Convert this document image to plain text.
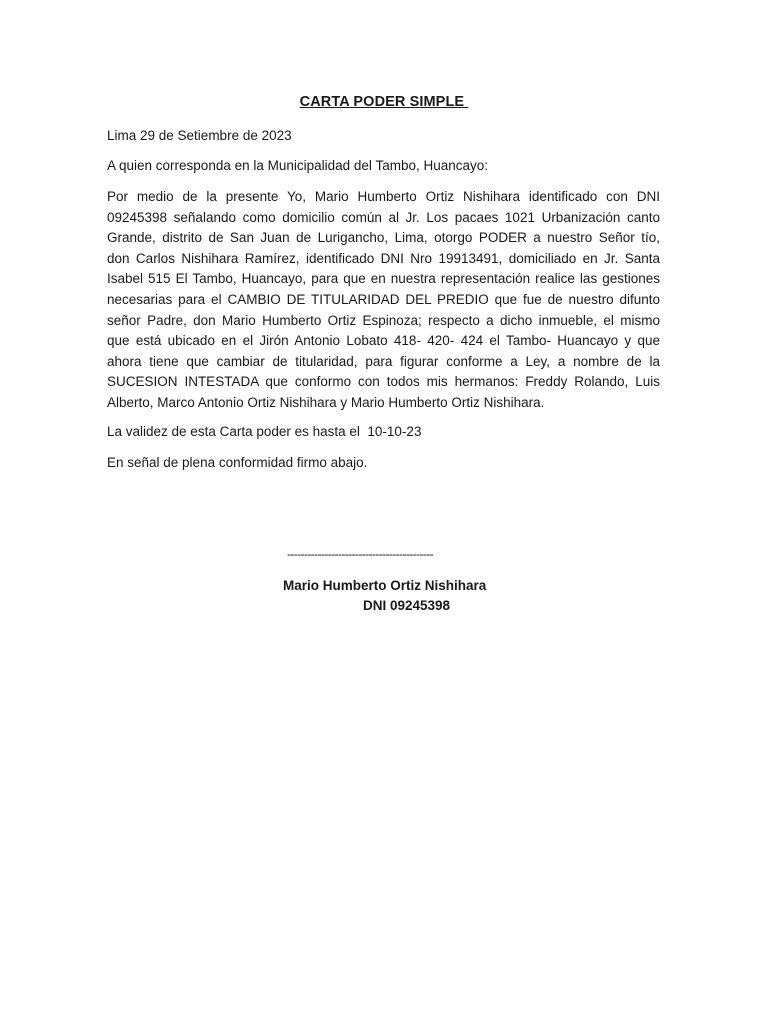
CARTA PODER SIMPLE
Lima 29 de Setiembre de 2023
A quien corresponda en la Municipalidad del Tambo, Huancayo:
Por medio de la presente Yo, Mario Humberto Ortiz Nishihara identificado con DNI
09245398 señalando como domicilio común al Jr. Los pacaes 1021 Urbanización canto
Grande, distrito de San Juan de Lurigancho, Lima, otorgo PODER a nuestro Señor tío,
don Carlos Nishihara Ramírez, identificado DNI Nro 19913491, domiciliado en Jr. Santa
Isabel 515 El Tambo, Huancayo, para que en nuestra representación realice las gestiones
necesarias para el CAMBIO DE TITULARIDAD DEL PREDIO que fue de nuestro difunto
señor Padre, don Mario Humberto Ortiz Espinoza; respecto a dicho inmueble, el mismo
que está ubicado en el Jirón Antonio Lobato 418- 420- 424 el Tambo- Huancayo y que
ahora tiene que cambiar de titularidad, para figurar conforme a Ley, a nombre de la
SUCESION INTESTADA que conformo con todos mis hermanos: Freddy Rolando, Luis
Alberto, Marco Antonio Ortiz Nishihara y Mario Humberto Ortiz Nishihara.
La validez de esta Carta poder es hasta el  10-10-23
En señal de plena conformidad firmo abajo.
-------------------------------------------
Mario Humberto Ortiz Nishihara
DNI 09245398
